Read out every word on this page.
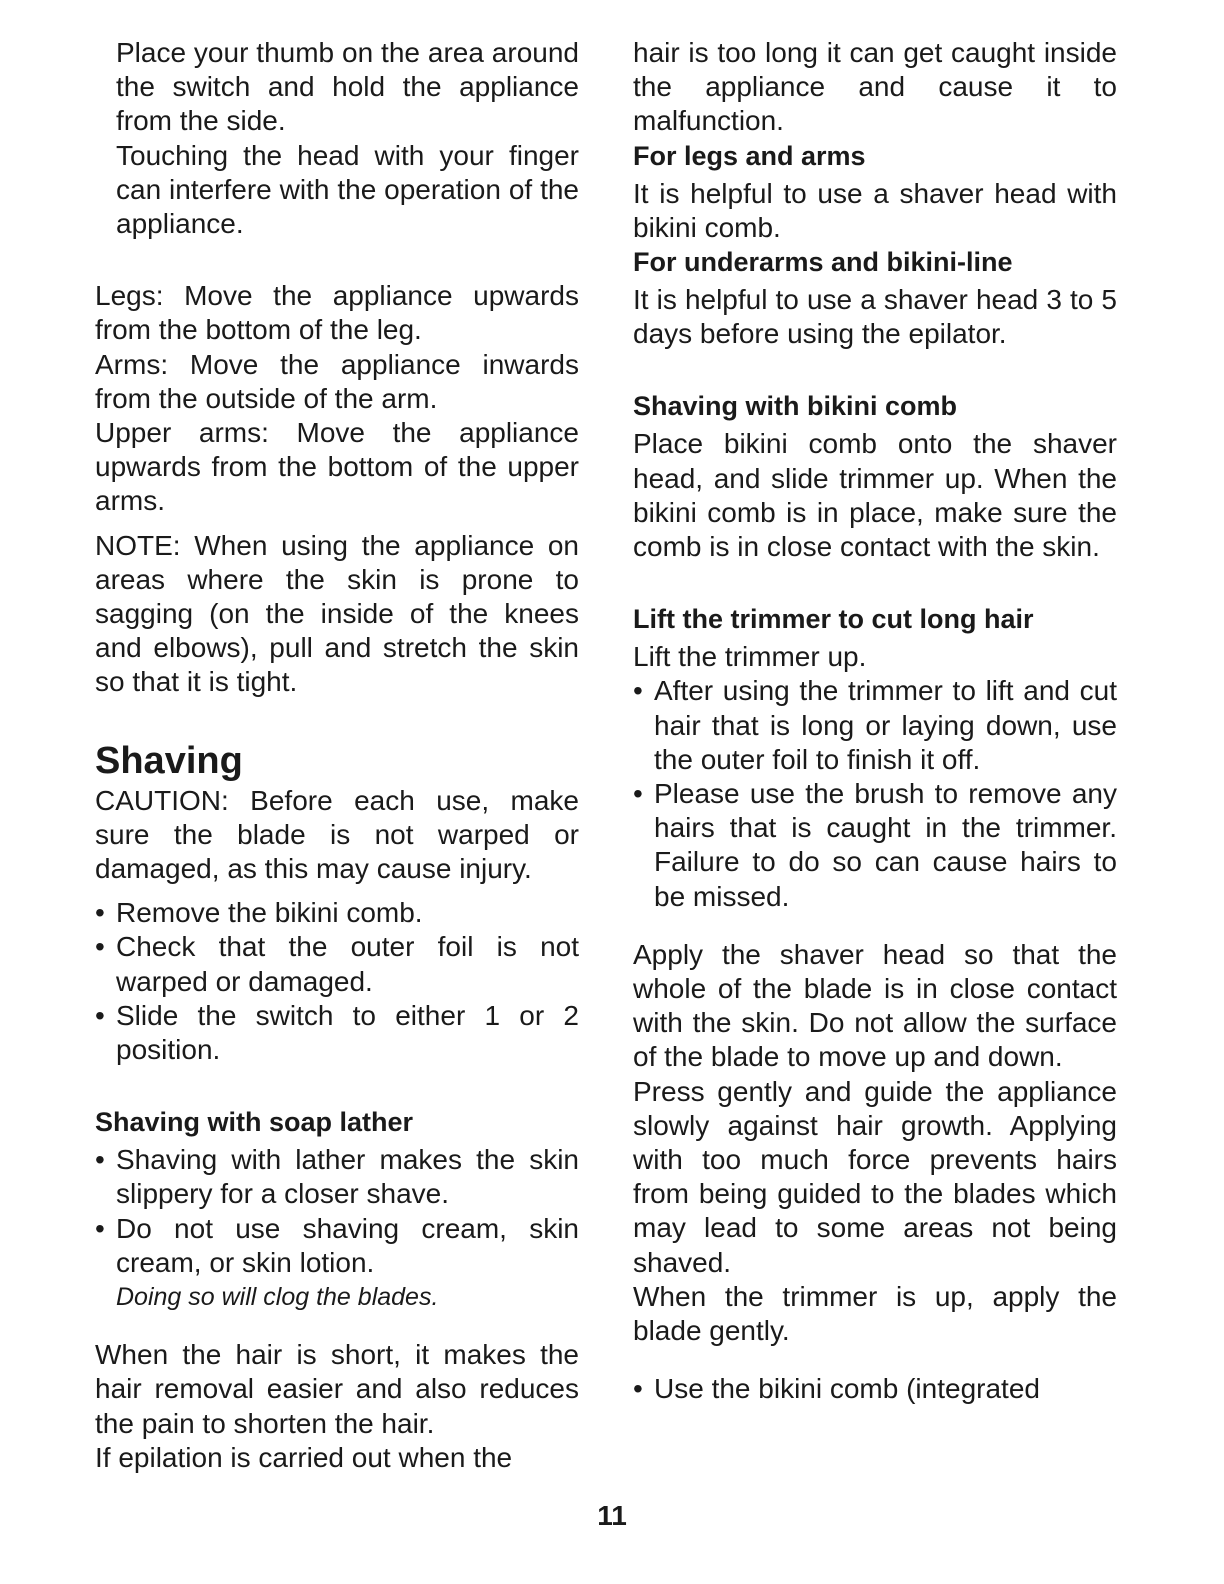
Place your thumb on the area around the switch and hold the appliance from the side.

Touching the head with your finger can interfere with the operation of the appliance.

Legs: Move the appliance upwards from the bottom of the leg.

Arms: Move the appliance inwards from the outside of the arm.

Upper arms: Move the appliance upwards from the bottom of the upper arms.

NOTE: When using the appliance on areas where the skin is prone to sagging (on the inside of the knees and elbows), pull and stretch the skin so that it is tight.

Shaving

CAUTION: Before each use, make sure the blade is not warped or damaged, as this may cause injury.

• Remove the bikini comb.
• Check that the outer foil is not warped or damaged.
• Slide the switch to either 1 or 2 position.
Shaving with soap lather
• Shaving with lather makes the skin slippery for a closer shave.
• Do not use shaving cream, skin cream, or skin lotion.

Doing so will clog the blades.

When the hair is short, it makes the hair removal easier and also reduces the pain to shorten the hair.

If epilation is carried out when the

hair is too long it can get caught inside the appliance and cause it to malfunction.

For legs and arms

It is helpful to use a shaver head with bikini comb.

For underarms and bikini-line

It is helpful to use a shaver head 3 to 5 days before using the epilator.

Shaving with bikini comb

Place bikini comb onto the shaver head, and slide trimmer up. When the bikini comb is in place, make sure the comb is in close contact with the skin.

Lift the trimmer to cut long hair

Lift the trimmer up.

• After using the trimmer to lift and cut hair that is long or laying down, use the outer foil to finish it off.
• Please use the brush to remove any hairs that is caught in the trimmer. Failure to do so can cause hairs to be missed.

Apply the shaver head so that the whole of the blade is in close contact with the skin. Do not allow the surface of the blade to move up and down.

Press gently and guide the appliance slowly against hair growth. Applying with too much force prevents hairs from being guided to the blades which may lead to some areas not being shaved.

When the trimmer is up, apply the blade gently.

• Use the bikini comb (integrated
11
